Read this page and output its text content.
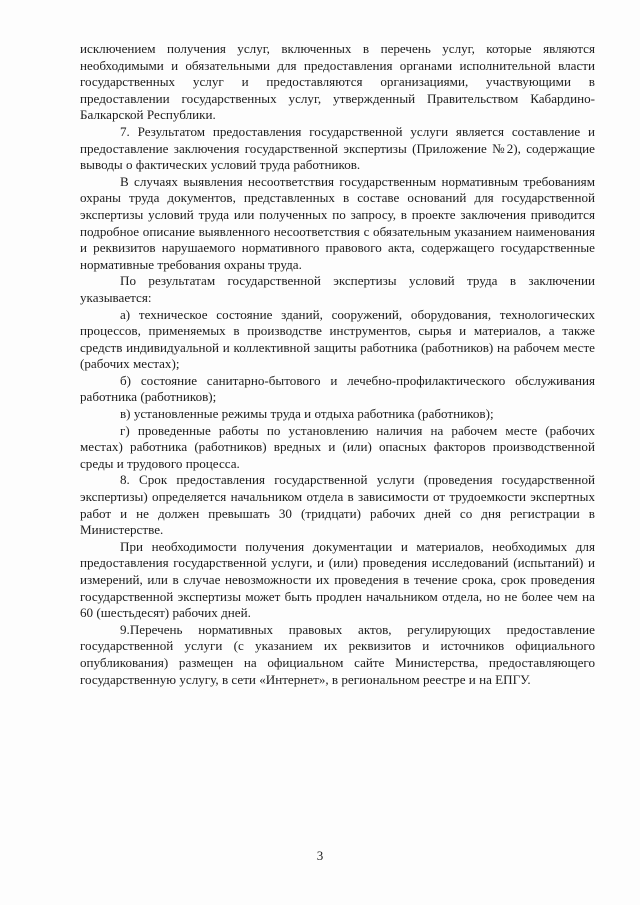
исключением получения услуг, включенных в перечень услуг, которые являются необходимыми и обязательными для предоставления органами исполнительной власти государственных услуг и предоставляются организациями, участвующими в предоставлении государственных услуг, утвержденный Правительством Кабардино-Балкарской Республики.

7. Результатом предоставления государственной услуги является составление и предоставление заключения государственной экспертизы (Приложение №2), содержащие выводы о фактических условий труда работников.

В случаях выявления несоответствия государственным нормативным требованиям охраны труда документов, представленных в составе оснований для государственной экспертизы условий труда или полученных по запросу, в проекте заключения приводится подробное описание выявленного несоответствия с обязательным указанием наименования и реквизитов нарушаемого нормативного правового акта, содержащего государственные нормативные требования охраны труда.

По результатам государственной экспертизы условий труда в заключении указывается:

а) техническое состояние зданий, сооружений, оборудования, технологических процессов, применяемых в производстве инструментов, сырья и материалов, а также средств индивидуальной и коллективной защиты работника (работников) на рабочем месте (рабочих местах);

б) состояние санитарно-бытового и лечебно-профилактического обслуживания работника (работников);

в) установленные режимы труда и отдыха работника (работников);

г) проведенные работы по установлению наличия на рабочем месте (рабочих местах) работника (работников) вредных и (или) опасных факторов производственной среды и трудового процесса.

8. Срок предоставления государственной услуги (проведения государственной экспертизы) определяется начальником отдела в зависимости от трудоемкости экспертных работ и не должен превышать 30 (тридцати) рабочих дней со дня регистрации в Министерстве.

При необходимости получения документации и материалов, необходимых для предоставления государственной услуги, и (или) проведения исследований (испытаний) и измерений, или в случае невозможности их проведения в течение срока, срок проведения государственной экспертизы может быть продлен начальником отдела, но не более чем на 60 (шестьдесят) рабочих дней.

9.Перечень нормативных правовых актов, регулирующих предоставление государственной услуги (с указанием их реквизитов и источников официального опубликования) размещен на официальном сайте Министерства, предоставляющего государственную услугу, в сети «Интернет», в региональном реестре и на ЕПГУ.

3
